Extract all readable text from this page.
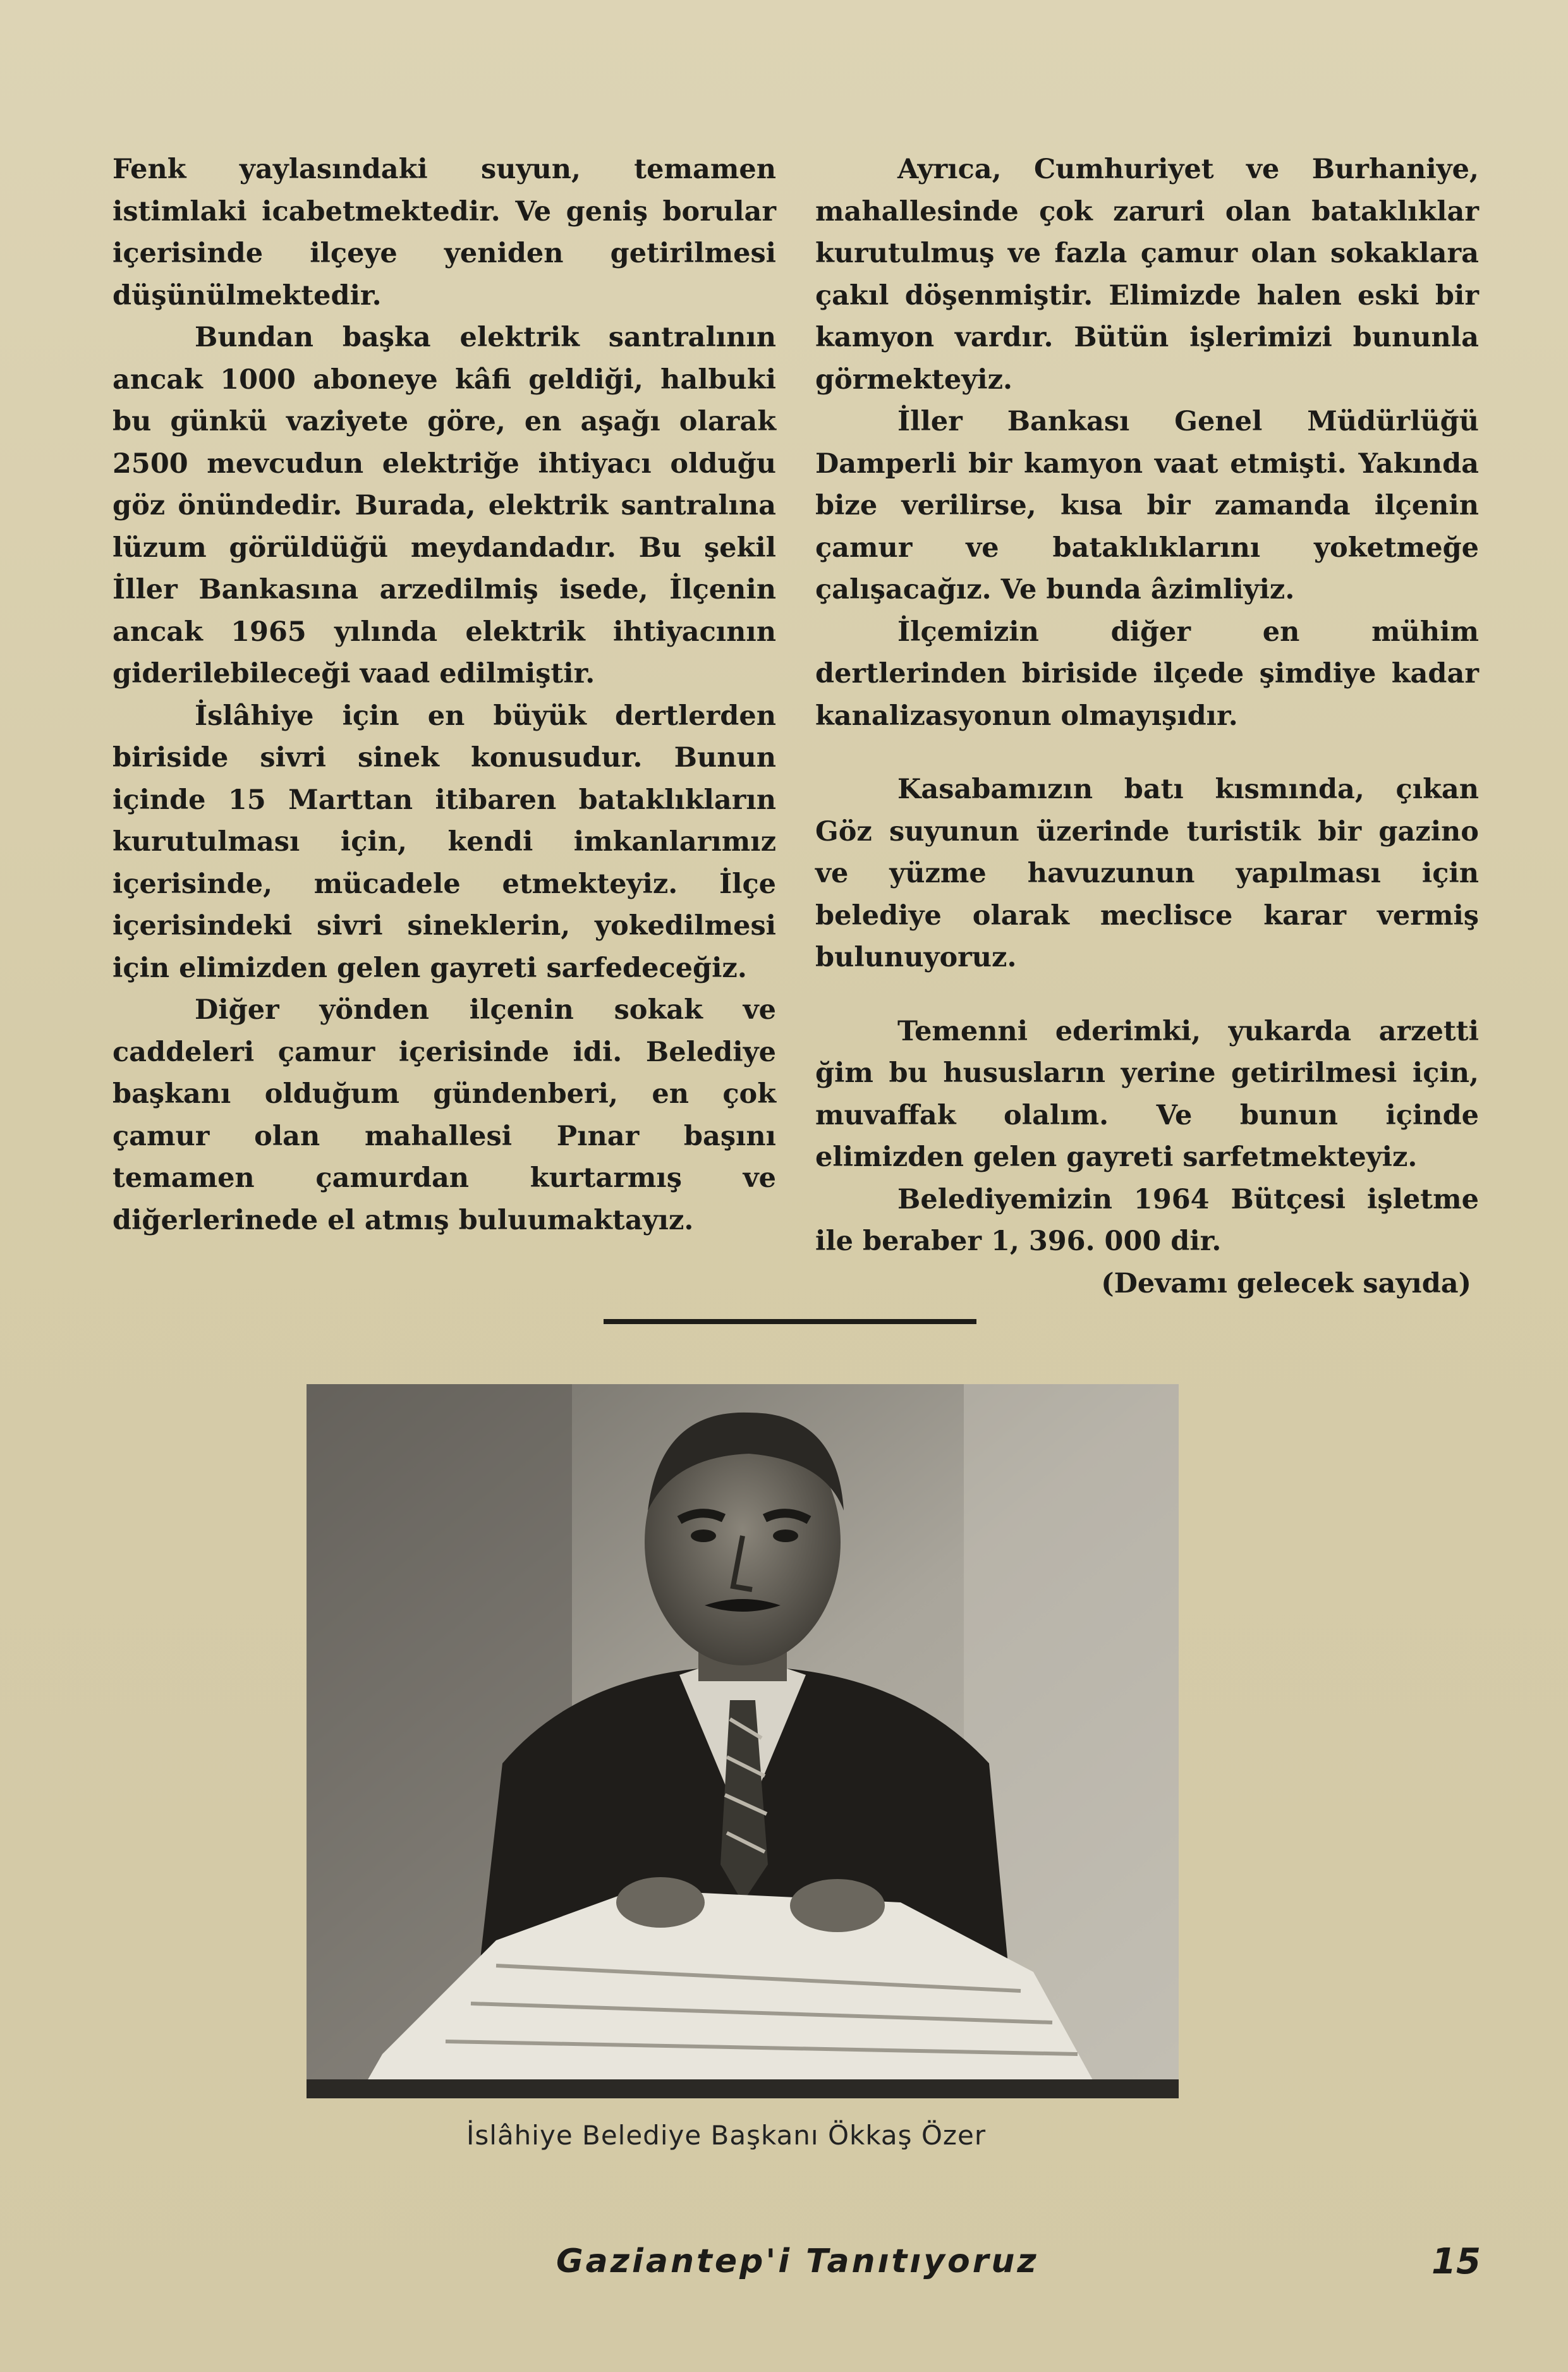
Fenk yaylasındaki suyun, temamen istimlaki icabetmektedir. Ve geniş borular içerisinde ilçeye yeniden getirilmesi düşünülmektedir.

Bundan başka elektrik santralının ancak 1000 aboneye kâfi geldiği, halbuki bu günkü vaziyete göre, en aşağı olarak 2500 mevcudun elektriğe ihtiyacı olduğu göz önündedir. Burada, elektrik santralına lüzum görüldüğü meydandadır. Bu şekil İller Bankasına arzedilmiş isede, İlçenin ancak 1965 yılında elektrik ihtiyacının giderilebileceği vaad edilmiştir.

İslâhiye için en büyük dertlerden biriside sivri sinek konusudur. Bunun içinde 15 Marttan itibaren bataklıkların kurutulması için, kendi imkanlarımız içerisinde, mücadele etmekteyiz. İlçe içerisindeki sivri sineklerin, yokedilmesi için elimizden gelen gayreti sarfedeceğiz.

Diğer yönden ilçenin sokak ve caddeleri çamur içerisinde idi. Belediye başkanı olduğum gündenberi, en çok çamur olan mahallesi Pınar başını temamen çamurdan kurtarmış ve diğerlerinede el atmış buluumaktayız.

Ayrıca, Cumhuriyet ve Burhaniye, mahallesinde çok zaruri olan bataklıklar kurutulmuş ve fazla çamur olan sokaklara çakıl döşenmiştir. Elimizde halen eski bir kamyon vardır. Bütün işlerimizi bununla görmekteyiz.

İller Bankası Genel Müdürlüğü Damperli bir kamyon vaat etmişti. Yakında bize verilirse, kısa bir zamanda ilçenin çamur ve bataklıklarını yoketmeğe çalışacağız. Ve bunda âzimliyiz.

İlçemizin diğer en mühim dertlerinden biriside ilçede şimdiye kadar kanalizasyonun olmayışıdır.

Kasabamızın batı kısmında, çıkan Göz suyunun üzerinde turistik bir gazino ve yüzme havuzunun yapılması için belediye olarak meclisce karar vermiş bulunuyoruz.

Temenni ederimki, yukarda arzetti ğim bu hususların yerine getirilmesi için, muvaffak olalım. Ve bunun içinde elimizden gelen gayreti sarfetmekteyiz.

Belediyemizin 1964 Bütçesi işletme ile beraber 1, 396. 000 dir.

(Devamı gelecek sayıda)

İslâhiye Belediye Başkanı Ökkaş Özer
Gaziantep'i Tanıtıyoruz	15
